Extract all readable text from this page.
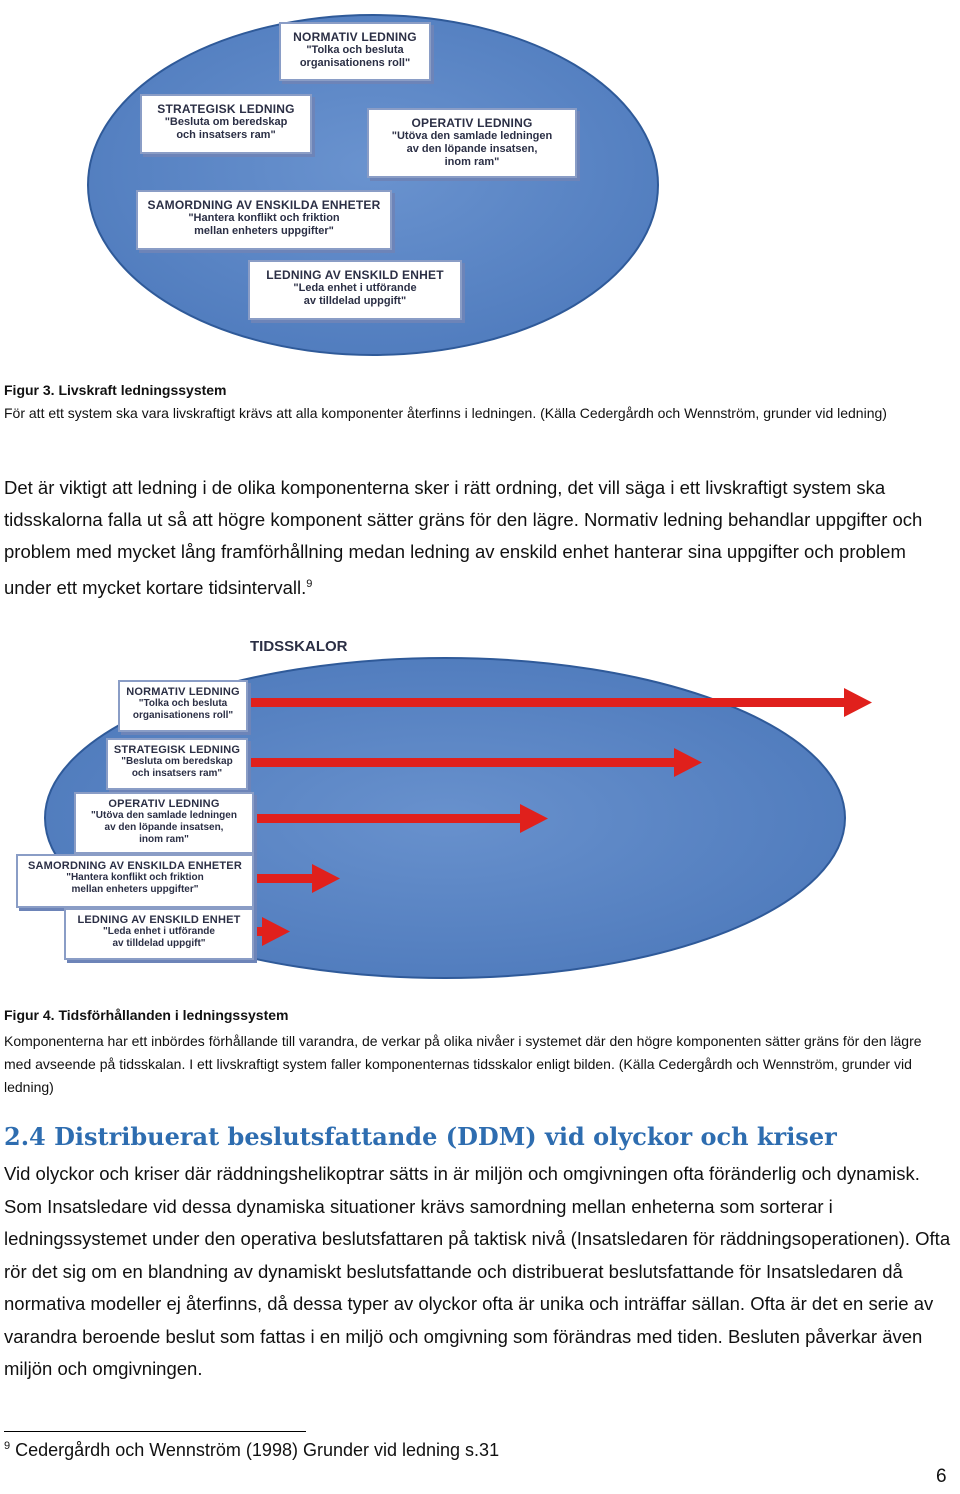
NORMATIV LEDNING
"Tolka och besluta
organisationens roll"
STRATEGISK LEDNING
"Besluta om beredskap
och insatsers ram"
OPERATIV LEDNING
"Utöva den samlade ledningen
av den löpande insatsen,
inom ram"
SAMORDNING AV ENSKILDA ENHETER
"Hantera konflikt och friktion
mellan enheters uppgifter"
LEDNING AV ENSKILD ENHET
"Leda enhet i utförande
av tilldelad uppgift"
Figur 3. Livskraft ledningssystem
För att ett system ska vara livskraftigt krävs att alla komponenter återfinns i ledningen. (Källa Cedergårdh och Wennström, grunder vid ledning)
Det är viktigt att ledning i de olika komponenterna sker i rätt ordning, det vill säga i ett livskraftigt system ska tidsskalorna falla ut så att högre komponent sätter gräns för den lägre. Normativ ledning behandlar uppgifter och problem med mycket lång framförhållning medan ledning av enskild enhet hanterar sina uppgifter och problem under ett mycket kortare tidsintervall.$^9$
TIDSSKALOR
NORMATIV LEDNING
"Tolka och besluta
organisationens roll"
STRATEGISK LEDNING
"Besluta om beredskap
och insatsers ram"
OPERATIV LEDNING
"Utöva den samlade ledningen
av den löpande insatsen,
inom ram"
SAMORDNING AV ENSKILDA ENHETER
"Hantera konflikt och friktion
mellan enheters uppgifter"
LEDNING AV ENSKILD ENHET
"Leda enhet i utförande
av tilldelad uppgift"
Figur 4. Tidsförhållanden i ledningssystem
Komponenterna har ett inbördes förhållande till varandra, de verkar på olika nivåer i systemet där den högre komponenten sätter gräns för den lägre med avseende på tidsskalan. I ett livskraftigt system faller komponenternas tidsskalor enligt bilden. (Källa Cedergårdh och Wennström, grunder vid ledning)
2.4 Distribuerat beslutsfattande (DDM) vid olyckor och kriser
Vid olyckor och kriser där räddningshelikoptrar sätts in är miljön och omgivningen ofta föränderlig och dynamisk. Som Insatsledare vid dessa dynamiska situationer krävs samordning mellan enheterna som sorterar i ledningssystemet under den operativa beslutsfattaren på taktisk nivå (Insatsledaren för räddningsoperationen). Ofta rör det sig om en blandning av dynamiskt beslutsfattande och distribuerat beslutsfattande för Insatsledaren då normativa modeller ej återfinns, då dessa typer av olyckor ofta är unika och inträffar sällan. Ofta är det en serie av varandra beroende beslut som fattas i en miljö och omgivning som förändras med tiden. Besluten påverkar även miljön och omgivningen.
$^9$ Cedergårdh och Wennström (1998) Grunder vid ledning s.31
6
